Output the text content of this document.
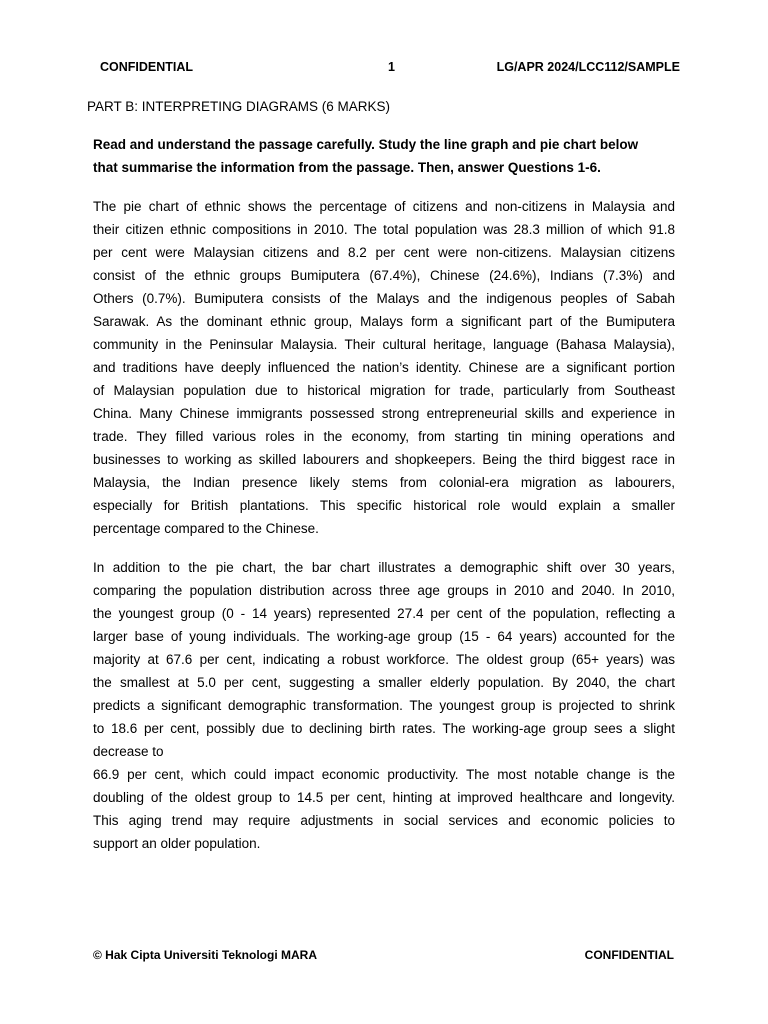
CONFIDENTIAL	1	LG/APR 2024/LCC112/SAMPLE
PART B: INTERPRETING DIAGRAMS (6 MARKS)
Read and understand the passage carefully. Study the line graph and pie chart below
that summarise the information from the passage. Then, answer Questions 1-6.
The pie chart of ethnic shows the percentage of citizens and non-citizens in Malaysia and
their citizen ethnic compositions in 2010. The total population was 28.3 million of which 91.8
per cent were Malaysian citizens and 8.2 per cent were non-citizens. Malaysian citizens
consist of the ethnic groups Bumiputera (67.4%), Chinese (24.6%), Indians (7.3%) and
Others (0.7%). Bumiputera consists of the Malays and the indigenous peoples of Sabah
Sarawak. As the dominant ethnic group, Malays form a significant part of the Bumiputera
community in the Peninsular Malaysia. Their cultural heritage, language (Bahasa Malaysia),
and traditions have deeply influenced the nation’s identity. Chinese are a significant portion
of Malaysian population due to historical migration for trade, particularly from Southeast
China. Many Chinese immigrants possessed strong entrepreneurial skills and experience in
trade. They filled various roles in the economy, from starting tin mining operations and
businesses to working as skilled labourers and shopkeepers. Being the third biggest race in
Malaysia, the Indian presence likely stems from colonial-era migration as labourers,
especially for British plantations. This specific historical role would explain a smaller
percentage compared to the Chinese.
In addition to the pie chart, the bar chart illustrates a demographic shift over 30 years,
comparing the population distribution across three age groups in 2010 and 2040. In 2010,
the youngest group (0 - 14 years) represented 27.4 per cent of the population, reflecting a
larger base of young individuals. The working-age group (15 - 64 years) accounted for the
majority at 67.6 per cent, indicating a robust workforce. The oldest group (65+ years) was
the smallest at 5.0 per cent, suggesting a smaller elderly population. By 2040, the chart
predicts a significant demographic transformation. The youngest group is projected to shrink
to 18.6 per cent, possibly due to declining birth rates. The working-age group sees a slight
decrease to
66.9 per cent, which could impact economic productivity. The most notable change is the
doubling of the oldest group to 14.5 per cent, hinting at improved healthcare and longevity.
This aging trend may require adjustments in social services and economic policies to
support an older population.
© Hak Cipta Universiti Teknologi MARA	CONFIDENTIAL
